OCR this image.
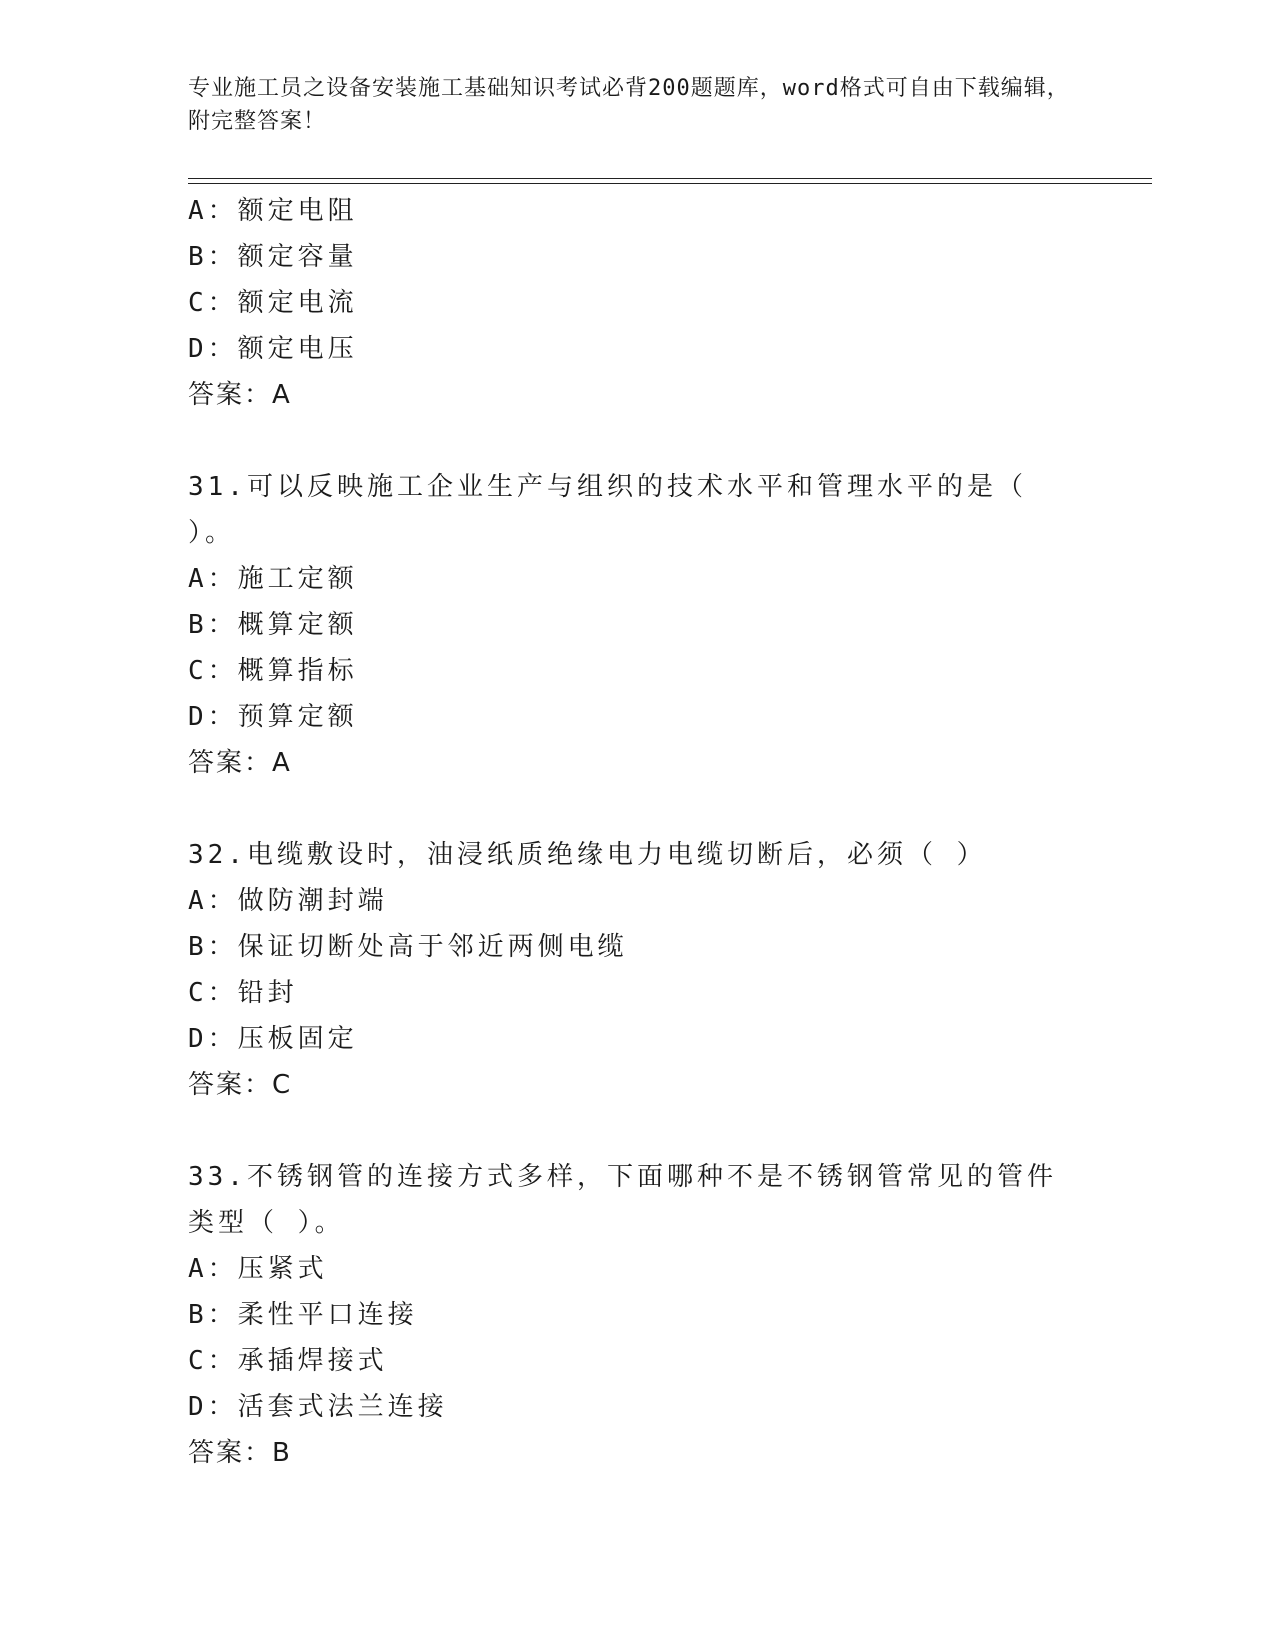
专业施工员之设备安装施工基础知识考试必背200题题库，word格式可自由下载编辑，附完整答案！
A：额定电阻
B：额定容量
C：额定电流
D：额定电压
答案：A
31.可以反映施工企业生产与组织的技术水平和管理水平的是（ ）。
A：施工定额
B：概算定额
C：概算指标
D：预算定额
答案：A
32.电缆敷设时，油浸纸质绝缘电力电缆切断后，必须（ ）
A：做防潮封端
B：保证切断处高于邻近两侧电缆
C：铅封
D：压板固定
答案：C
33.不锈钢管的连接方式多样，下面哪种不是不锈钢管常见的管件类型（ ）。
A：压紧式
B：柔性平口连接
C：承插焊接式
D：活套式法兰连接
答案：B
